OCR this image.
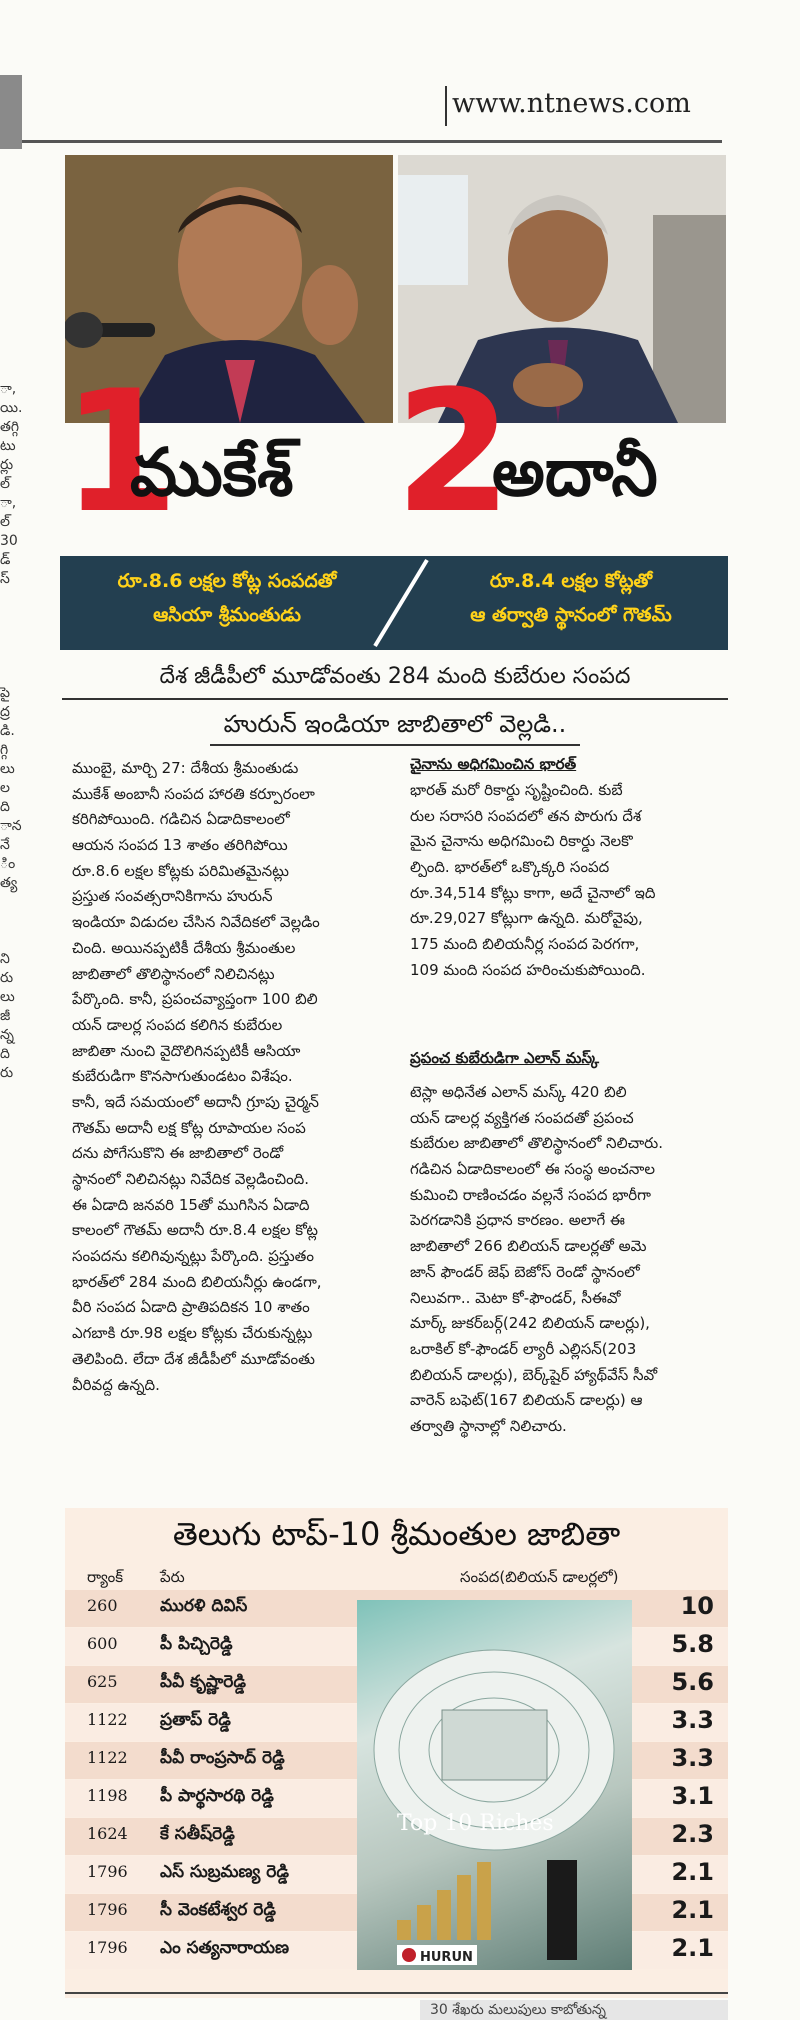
ా,
యి.
తగ్గి
టు
ర్లు
ల్
ా,
ల్
30
డ్
స్
పై
ద్ర
డి.
గ్గి
లు
ల
ది
ాన
నే
ిం
త్య
ని
రు
లు
జీ
న్న
ది
రు
www.ntnews.com
1 2
ముకేశ్	అదానీ
రూ.8.6 లక్షల కోట్ల సంపదతో
ఆసియా శ్రీమంతుడు
రూ.8.4 లక్షల కోట్లతో
ఆ తర్వాతి స్థానంలో గౌతమ్
దేశ జీడీపీలో మూడోవంతు 284 మంది కుబేరుల సంపద
హురున్ ఇండియా జాబితాలో వెల్లడి..
ముంబై, మార్చి 27: దేశీయ శ్రీమంతుడు
ముకేశ్ అంబానీ సంపద హారతి కర్పూరంలా
కరిగిపోయింది. గడిచిన ఏడాదికాలంలో
ఆయన సంపద 13 శాతం తరిగిపోయి
రూ.8.6 లక్షల కోట్లకు పరిమితమైనట్లు
ప్రస్తుత సంవత్సరానికిగాను హురున్
ఇండియా విడుదల చేసిన నివేదికలో వెల్లడిం
చింది. అయినప్పటికీ దేశీయ శ్రీమంతుల
జాబితాలో తొలిస్థానంలో నిలిచినట్లు
పేర్కొంది. కానీ, ప్రపంచవ్యాప్తంగా 100 బిలి
యన్ డాలర్ల సంపద కలిగిన కుబేరుల
జాబితా నుంచి వైదొలిగినప్పటికీ ఆసియా
కుబేరుడిగా కొనసాగుతుండటం విశేషం.
కానీ, ఇదే సమయంలో అదానీ గ్రూపు చైర్మన్
గౌతమ్ అదానీ లక్ష కోట్ల రూపాయల సంప
దను పోగేసుకొని ఈ జాబితాలో రెండో
స్థానంలో నిలిచినట్లు నివేదిక వెల్లడించింది.
ఈ ఏడాది జనవరి 15తో ముగిసిన ఏడాది
కాలంలో గౌతమ్ అదానీ రూ.8.4 లక్షల కోట్ల
సంపదను కలిగివున్నట్లు పేర్కొంది. ప్రస్తుతం
భారత్‌లో 284 మంది బిలియనీర్లు ఉండగా,
వీరి సంపద ఏడాది ప్రాతిపదికన 10 శాతం
ఎగబాకి రూ.98 లక్షల కోట్లకు చేరుకున్నట్లు
తెలిపింది. లేదా దేశ జీడీపీలో మూడోవంతు
వీరివద్ద ఉన్నది.
చైనాను అధిగమించిన భారత్
భారత్ మరో రికార్డు సృష్టించింది. కుబే
రుల సరాసరి సంపదలో తన పొరుగు దేశ
మైన చైనాను అధిగమించి రికార్డు నెలకొ
ల్పింది. భారత్‌లో ఒక్కొక్కరి సంపద
రూ.34,514 కోట్లు కాగా, అదే చైనాలో ఇది
రూ.29,027 కోట్లుగా ఉన్నది. మరోవైపు,
175 మంది బిలియనీర్ల సంపద పెరగగా,
109 మంది సంపద హరించుకుపోయింది.
ప్రపంచ కుబేరుడిగా ఎలాన్ మస్క్
టెస్లా అధినేత ఎలాన్ మస్క్ 420 బిలి
యన్ డాలర్ల వ్యక్తిగత సంపదతో ప్రపంచ
కుబేరుల జాబితాలో తొలిస్థానంలో నిలిచారు.
గడిచిన ఏడాదికాలంలో ఈ సంస్థ అంచనాల
కుమించి రాణించడం వల్లనే సంపద భారీగా
పెరగడానికి ప్రధాన కారణం. అలాగే ఈ
జాబితాలో 266 బిలియన్ డాలర్లతో అమె
జాన్ ఫౌండర్ జెఫ్ బెజోస్ రెండో స్థానంలో
నిలువగా.. మెటా కో-ఫౌండర్, సీఈవో
మార్క్ జుకర్‌బర్గ్(242 బిలియన్ డాలర్లు),
ఒరాకిల్ కో-ఫౌండర్ ల్యారీ ఎల్లిసన్(203
బిలియన్ డాలర్లు), బెర్క్‌షైర్ హ్యాథ్‌వేస్ సీవో
వారెన్ బఫెట్(167 బిలియన్ డాలర్లు) ఆ
తర్వాతి స్థానాల్లో నిలిచారు.
తెలుగు టాప్-10 శ్రీమంతుల జాబితా
ర్యాంక్ పేరు	సంపద(బిలియన్ డాలర్లలో)
260 మురళి దివిస్	10
600 పీ పిచ్చిరెడ్డి	5.8
625 పీవీ కృష్ణారెడ్డి	5.6
1122 ప్రతాప్ రెడ్డి	3.3
1122 పీవీ రాంప్రసాద్ రెడ్డి	3.3
1198 పీ పార్థసారథి రెడ్డి	3.1
1624 కే సతీష్‌రెడ్డి	2.3
1796 ఎస్ సుబ్రమణ్య రెడ్డి	2.1
1796 సీ వెంకటేశ్వర రెడ్డి	2.1
1796 ఎం సత్యనారాయణ	2.1
Top 10 Riches
HURUN
30 శేఖరు మలుపులు కాబోతున్న
